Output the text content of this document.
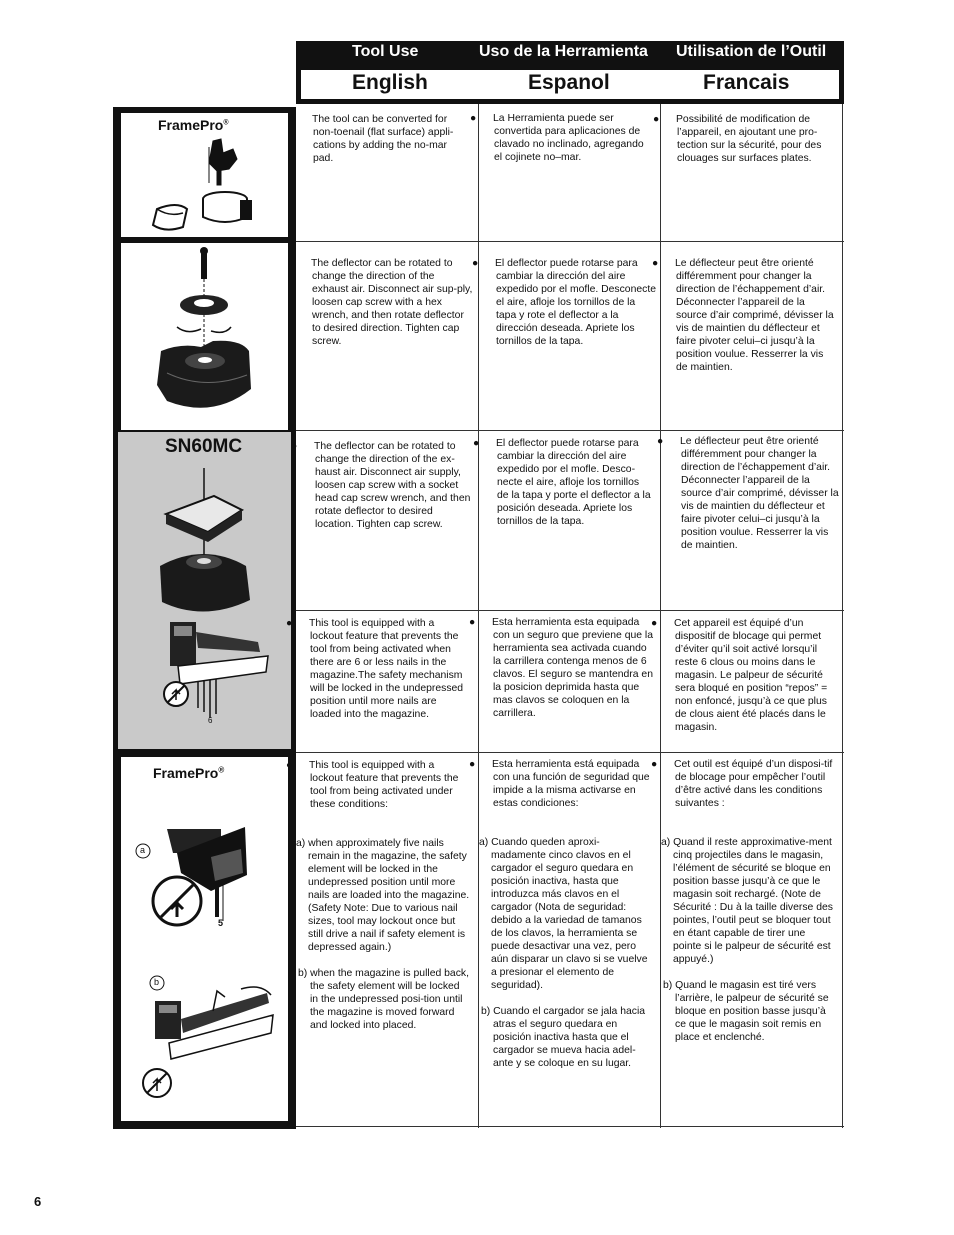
Tool Use	Uso de la Herramienta Utilisation de l’Outil
English	Espanol	Francais
FramePro®
SN60MC
6
FramePro®
a
5
b

● The tool can be converted for non-toenail (flat surface) appli-cations by adding the no-mar pad.

● La Herramienta puede ser convertida para aplicaciones de clavado no inclinado, agregando el cojinete no–mar.

● Possibilité de modification de l’appareil, en ajoutant une pro-tection sur la sécurité, pour des clouages sur surfaces plates.

● The deflector can be rotated to change the direction of the exhaust air. Disconnect air sup-ply, loosen cap screw with a hex wrench, and then rotate deflector to desired direction. Tighten cap screw.

● El deflector puede rotarse para cambiar la dirección del aire expedido por el mofle. Desconecte el aire, afloje los tornillos de la tapa y rote el deflector a la dirección deseada. Apriete los tornillos de la tapa.

● Le déflecteur peut être orienté différemment pour changer la direction de l’échappement d’air. Déconnecter l’appareil de la source d’air comprimé, dévisser la vis de maintien du déflecteur et faire pivoter celui–ci jusqu’à la position voulue. Resserrer la vis de maintien.

● The deflector can be rotated to change the direction of the ex-haust air. Disconnect air supply, loosen cap screw with a socket head cap screw wrench, and then rotate deflector to desired location. Tighten cap screw.

● El deflector puede rotarse para cambiar la dirección del aire expedido por el mofle. Desco-necte el aire, afloje los tornillos de la tapa y porte el deflector a la posición deseada. Apriete los tornillos de la tapa.

● Le déflecteur peut être orienté différemment pour changer la direction de l’échappement d’air. Déconnecter l’appareil de la source d’air comprimé, dévisser la vis de maintien du déflecteur et faire pivoter celui–ci jusqu’à la position voulue. Resserrer la vis de maintien.

● This tool is equipped with a lockout feature that prevents the tool from being activated when there are 6 or less nails in the magazine.The safety mechanism will be locked in the undepressed position until more nails are loaded into the magazine.

● Esta herramienta esta equipada con un seguro que previene que la herramienta sea activada cuando la carrillera contenga menos de 6 clavos. El seguro se mantendra en la posicion deprimida hasta que mas clavos se coloquen en la carrillera.

● Cet appareil est équipé d’un dispositif de blocage qui permet d’éviter qu’il soit activé lorsqu’il reste 6 clous ou moins dans le magasin. Le palpeur de sécurité sera bloqué en position “repos” = non enfoncé, jusqu’à ce que plus de clous aient été placés dans le magasin.

● This tool is equipped with a lockout feature that prevents the tool from being activated under these conditions:

a) when approximately five nails remain in the magazine, the safety element will be locked in the undepressed position until more nails are loaded into the magazine. (Safety Note: Due to various nail sizes, tool may lockout once but still drive a nail if safety element is depressed again.)

b) when the magazine is pulled back, the safety element will be locked in the undepressed posi-tion until the magazine is moved forward and locked into placed.

● Esta herramienta está equipada con una función de seguridad que impide a la misma activarse en estas condiciones:

a) Cuando queden aproxi-madamente cinco clavos en el cargador el seguro quedara en posición inactiva, hasta que introduzca más clavos en el cargador (Nota de seguridad: debido a la variedad de tamanos de los clavos, la herramienta se puede desactivar una vez, pero aún disparar un clavo si se vuelve a presionar el elemento de seguridad).

b) Cuando el cargador se jala hacia atras el seguro quedara en posición inactiva hasta que el cargador se mueva hacia adel-ante y se coloque en su lugar.

● Cet outil est équipé d’un disposi-tif de blocage pour empêcher l’outil d’être activé dans les conditions suivantes :

a) Quand il reste approximative-ment cinq projectiles dans le magasin, l’élément de sécurité se bloque en position basse jusqu’à ce que le magasin soit rechargé. (Note de Sécurité : Du à la taille diverse des pointes, l’outil peut se bloquer tout en étant capable de tirer une pointe si le palpeur de sécurité est appuyé.)

b) Quand le magasin est tiré vers l’arrière, le palpeur de sécurité se bloque en position basse jusqu’à ce que le magasin soit remis en place et enclenché.

6
